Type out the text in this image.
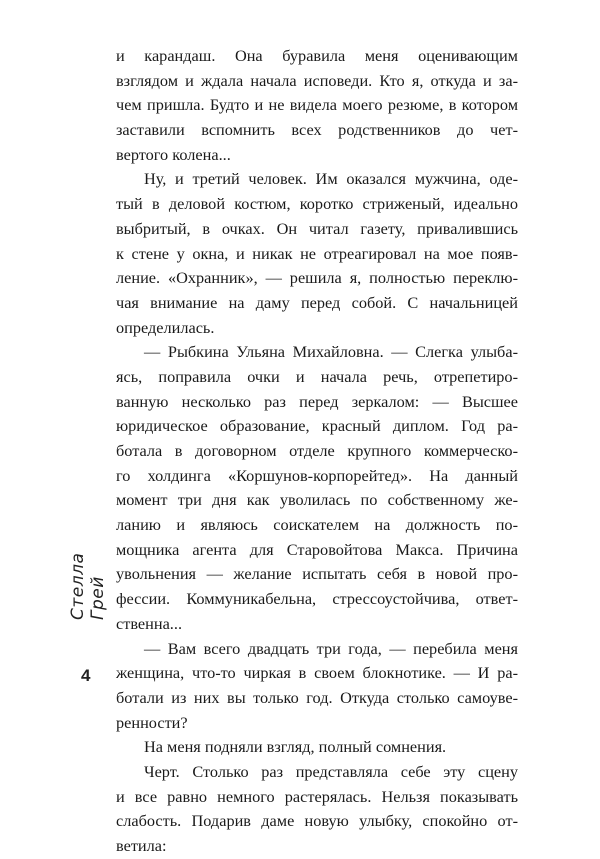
и карандаш. Она буравила меня оценивающим
взглядом и ждала начала исповеди. Кто я, откуда и за-
чем пришла. Будто и не видела моего резюме, в котором
заставили вспомнить всех родственников до чет-
вертого колена...
Ну, и третий человек. Им оказался мужчина, оде-
тый в деловой костюм, коротко стриженый, идеально
выбритый, в очках. Он читал газету, привалившись
к стене у окна, и никак не отреагировал на мое появ-
ление. «Охранник», — решила я, полностью переклю-
чая внимание на даму перед собой. С начальницей
определилась.
— Рыбкина Ульяна Михайловна. — Слегка улыба-
ясь, поправила очки и начала речь, отрепетиро-
ванную несколько раз перед зеркалом: — Высшее
юридическое образование, красный диплом. Год ра-
ботала в договорном отделе крупного коммерческо-
го холдинга «Коршунов-корпорейтед». На данный
момент три дня как уволилась по собственному же-
ланию и являюсь соискателем на должность по-
мощника агента для Старовойтова Макса. Причина
увольнения — желание испытать себя в новой про-
фессии. Коммуникабельна, стрессоустойчива, ответ-
ственна...
— Вам всего двадцать три года, — перебила меня
женщина, что-то чиркая в своем блокнотике. — И ра-
ботали из них вы только год. Откуда столько самоуве-
ренности?
На меня подняли взгляд, полный сомнения.
Черт. Столько раз представляла себе эту сцену
и все равно немного растерялась. Нельзя показывать
слабость. Подарив даме новую улыбку, спокойно от-
ветила:
Стелла Грей
4
